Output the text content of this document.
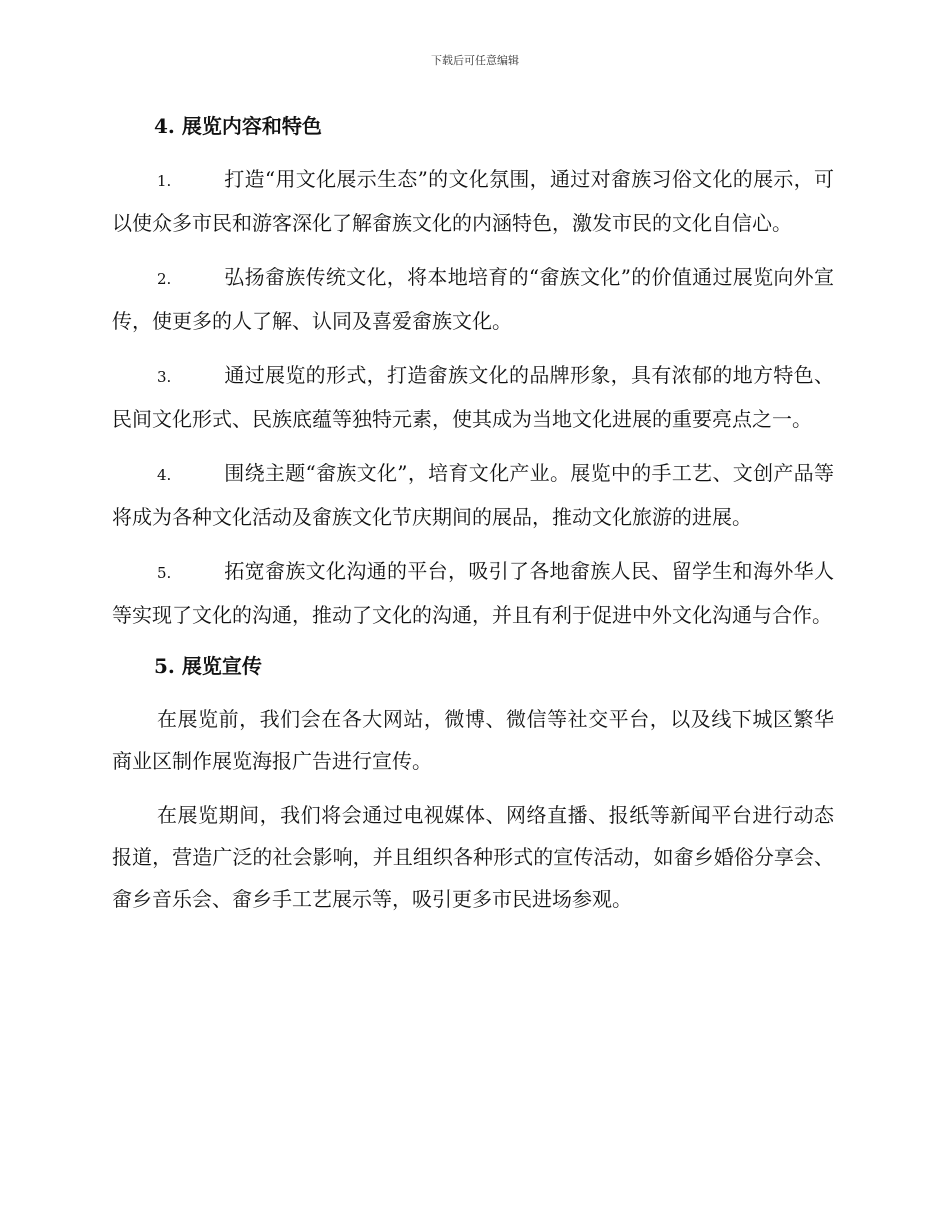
下载后可任意编辑
4. 展览内容和特色

1.	打造“用文化展示生态”的文化氛围，通过对畲族习俗文化的展示，可以使众多市民和游客深化了解畲族文化的内涵特色，激发市民的文化自信心。

2.	弘扬畲族传统文化，将本地培育的“畲族文化”的价值通过展览向外宣传，使更多的人了解、认同及喜爱畲族文化。

3.	通过展览的形式，打造畲族文化的品牌形象，具有浓郁的地方特色、民间文化形式、民族底蕴等独特元素，使其成为当地文化进展的重要亮点之一。

4.	围绕主题“畲族文化”，培育文化产业。展览中的手工艺、文创产品等将成为各种文化活动及畲族文化节庆期间的展品，推动文化旅游的进展。

5.	拓宽畲族文化沟通的平台，吸引了各地畲族人民、留学生和海外华人等实现了文化的沟通，推动了文化的沟通，并且有利于促进中外文化沟通与合作。

5. 展览宣传

在展览前，我们会在各大网站，微博、微信等社交平台，以及线下城区繁华商业区制作展览海报广告进行宣传。

在展览期间，我们将会通过电视媒体、网络直播、报纸等新闻平台进行动态报道，营造广泛的社会影响，并且组织各种形式的宣传活动，如畲乡婚俗分享会、畲乡音乐会、畲乡手工艺展示等，吸引更多市民进场参观。
